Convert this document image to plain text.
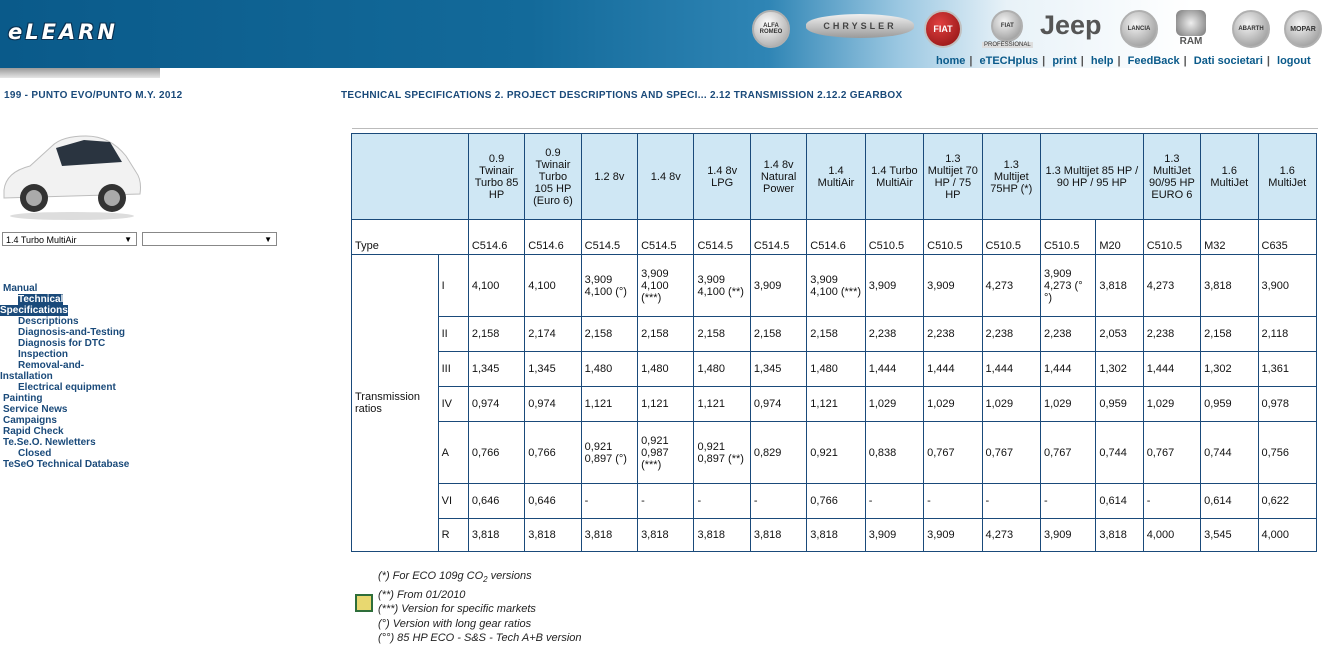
eLEARN	ALFA ROMEO
CHRYSLER	FIAT	FIAT
PROFESSIONAL
Jeep	LANCIA
RAM
ABARTH	MOPAR
home | eTECHplus | print | help | FeedBack | Dati societari | logout
199 - PUNTO EVO/PUNTO M.Y. 2012
1.4 Turbo MultiAir	▼	▼
Manual
Technical
Specifications
Descriptions
Diagnosis-and-Testing
Diagnosis for DTC
Inspection
Removal-and-
Installation
Electrical equipment
Painting
Service News
Campaigns
Rapid Check
Te.Se.O. Newletters
Closed
TeSeO Technical Database
TECHNICAL SPECIFICATIONS 2. PROJECT DESCRIPTIONS AND SPECI... 2.12 TRANSMISSION 2.12.2 GEARBOX
		0.9 Twinair Turbo 85 HP	0.9 Twinair Turbo 105 HP (Euro 6)	1.2 8v	1.4 8v	1.4 8v LPG	1.4 8v Natural Power	1.4 MultiAir	1.4 Turbo MultiAir	1.3 Multijet 70 HP / 75 HP	1.3 Multijet 75HP (*)	1.3 Multijet 85 HP / 90 HP / 95 HP		1.3 MultiJet 90/95 HP EURO 6	1.6 MultiJet	1.6 MultiJet
Type		C514.6	C514.6	C514.5	C514.5	C514.5	C514.5	C514.6	C510.5	C510.5	C510.5	C510.5	M20	C510.5	M32	C635
Transmission ratios	I	4,100	4,100	3,909 4,100 (°)	3,909 4,100 (***)	3,909 4,100 (**)	3,909	3,909 4,100 (***)	3,909	3,909	4,273	3,909 4,273 (° °)	3,818	4,273	3,818	3,900
	II	2,158	2,174	2,158	2,158	2,158	2,158	2,158	2,238	2,238	2,238	2,238	2,053	2,238	2,158	2,118
	III	1,345	1,345	1,480	1,480	1,480	1,345	1,480	1,444	1,444	1,444	1,444	1,302	1,444	1,302	1,361
	IV	0,974	0,974	1,121	1,121	1,121	0,974	1,121	1,029	1,029	1,029	1,029	0,959	1,029	0,959	0,978
	A	0,766	0,766	0,921 0,897 (°)	0,921 0,987 (***)	0,921 0,897 (**)	0,829	0,921	0,838	0,767	0,767	0,767	0,744	0,767	0,744	0,756
	VI	0,646	0,646	-	-	-	-	0,766	-	-	-	-	0,614	-	0,614	0,622
	R	3,818	3,818	3,818	3,818	3,818	3,818	3,818	3,909	3,909	4,273	3,909	3,818	4,000	3,545	4,000
(*) For ECO 109g $CO_2$ versions
(**) From 01/2010
(***) Version for specific markets
(°) Version with long gear ratios
(°°) 85 HP ECO - S&S - Tech A+B version
